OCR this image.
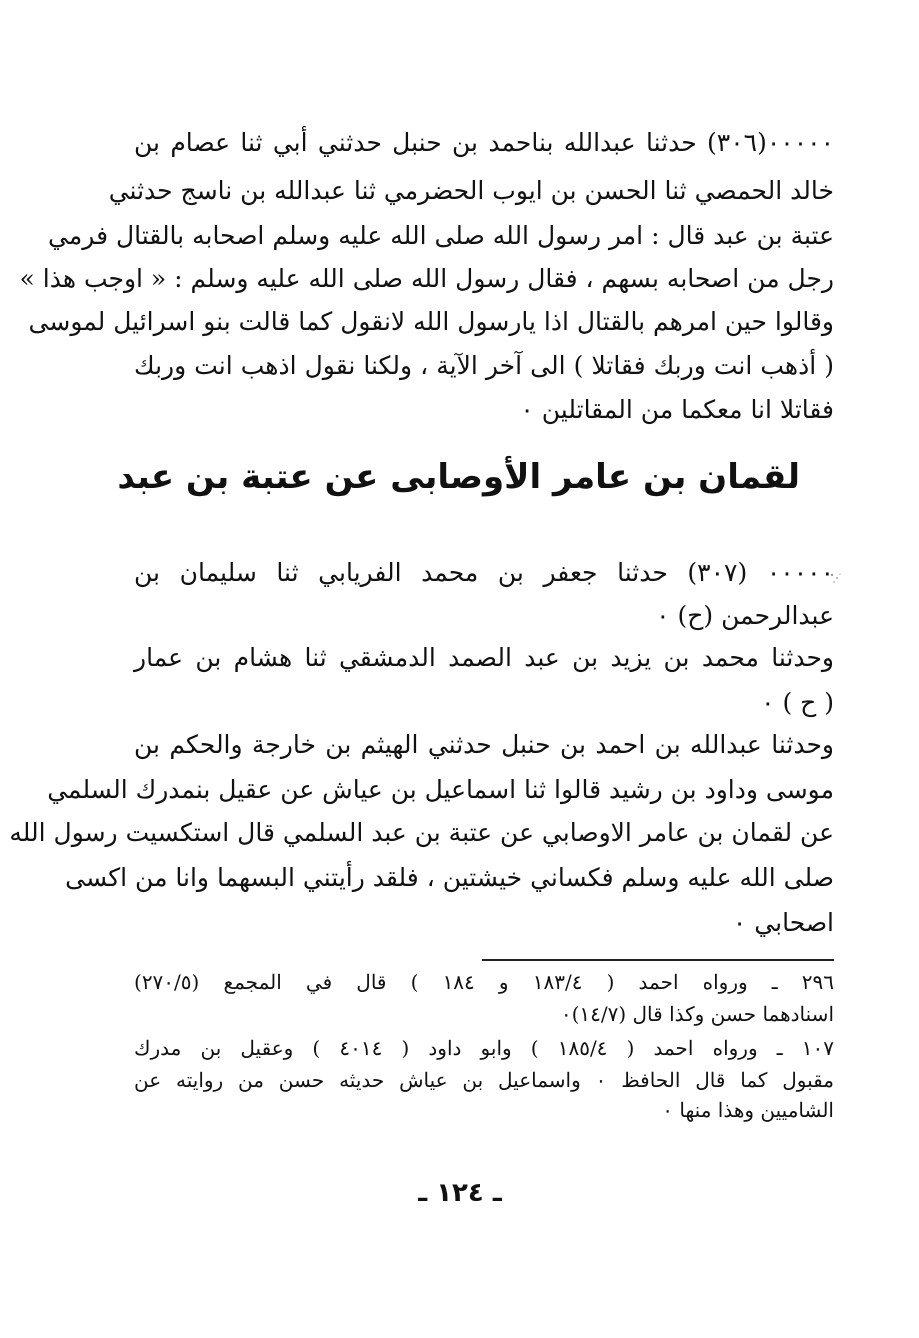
٠٠٠٠٠(٣٠٦) حدثنا عبدالله بناحمد بن حنبل حدثني أبي ثنا عصام بن
خالد الحمصي ثنا الحسن بن ايوب الحضرمي ثنا عبدالله بن ناسج حدثني
عتبة بن عبد قال : امر رسول الله صلى الله عليه وسلم اصحابه بالقتال فرمي
رجل من اصحابه بسهم ، فقال رسول الله صلى الله عليه وسلم : « اوجب هذا »
وقالوا حين امرهم بالقتال اذا يارسول الله لانقول كما قالت بنو اسرائيل لموسى
( أذهب انت وربك فقاتلا ) الى آخر الآية ، ولكنا نقول اذهب انت وربك
فقاتلا انا معكما من المقاتلين ٠
لقمان بن عامر الأوصابى عن عتبة بن عبد
٠٠٠٠٠ (٣٠٧) حدثنا جعفر بن محمد الفريابي ثنا سليمان بن
عبدالرحمن (ح) ٠
وحدثنا محمد بن يزيد بن عبد الصمد الدمشقي ثنا هشام بن عمار
( ح ) ٠
وحدثنا عبدالله بن احمد بن حنبل حدثني الهيثم بن خارجة والحكم بن
موسى وداود بن رشيد قالوا ثنا اسماعيل بن عياش عن عقيل بنمدرك السلمي
عن لقمان بن عامر الاوصابي عن عتبة بن عبد السلمي قال استكسيت رسول الله
صلى الله عليه وسلم فكساني خيشتين ، فلقد رأيتني البسهما وانا من اكسى
اصحابي ٠
٢٩٦ ـ ورواه احمد ( ١٨٣/٤ و ١٨٤ ) قال في المجمع (٢٧٠/٥)
اسنادهما حسن وكذا قال (١٤/٧)٠
١٠٧ ـ ورواه احمد ( ١٨٥/٤ ) وابو داود ( ٤٠١٤ ) وعقيل بن مدرك
مقبول كما قال الحافظ ٠ واسماعيل بن عياش حديثه حسن من روايته عن
الشاميين وهذا منها ٠
ـ ١٢٤ ـ
